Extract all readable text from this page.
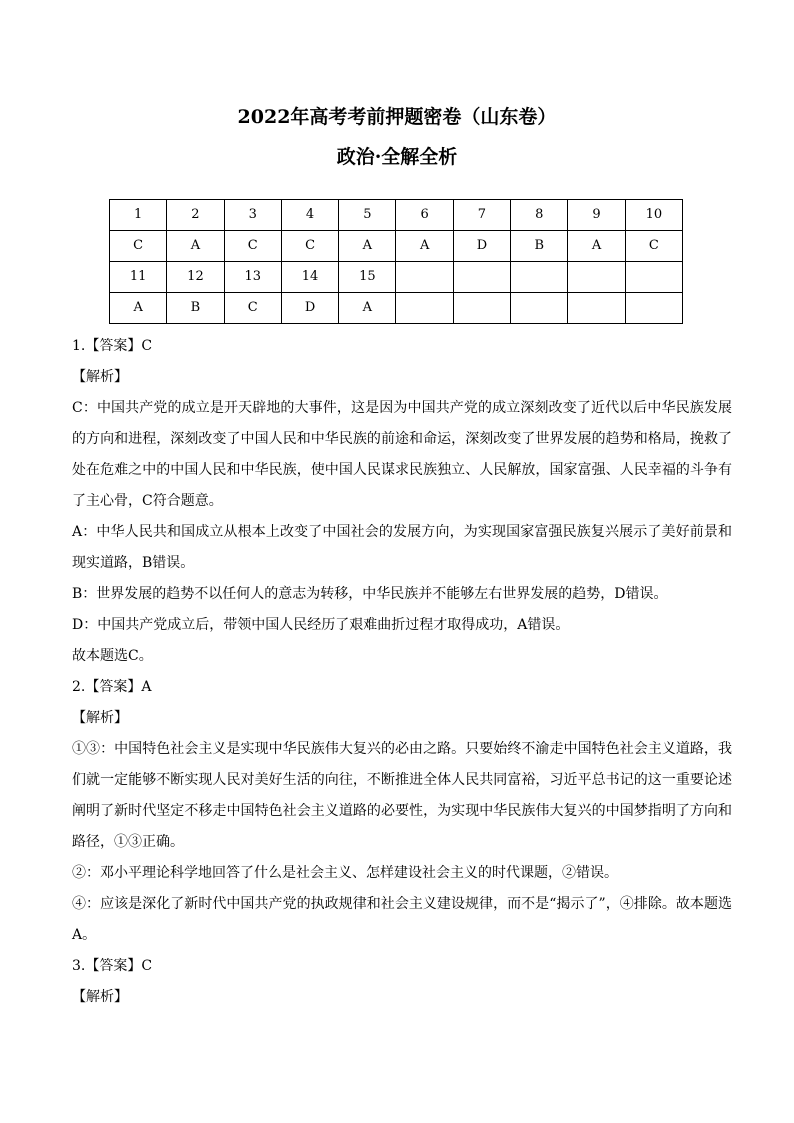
2022年高考考前押题密卷（山东卷）
政治·全解全析
1	2	3	4	5	6	7	8	9	10
C	A	C	C	A	A	D	B	A	C
11	12	13	14	15					
A	B	C	D	A					

1.【答案】C

【解析】

C：中国共产党的成立是开天辟地的大事件，这是因为中国共产党的成立深刻改变了近代以后中华民族发展的方向和进程，深刻改变了中国人民和中华民族的前途和命运，深刻改变了世界发展的趋势和格局，挽救了处在危难之中的中国人民和中华民族，使中国人民谋求民族独立、人民解放，国家富强、人民幸福的斗争有了主心骨，C符合题意。

A：中华人民共和国成立从根本上改变了中国社会的发展方向，为实现国家富强民族复兴展示了美好前景和现实道路，B错误。

B：世界发展的趋势不以任何人的意志为转移，中华民族并不能够左右世界发展的趋势，D错误。

D：中国共产党成立后，带领中国人民经历了艰难曲折过程才取得成功，A错误。

故本题选C。

2.【答案】A

【解析】

①③：中国特色社会主义是实现中华民族伟大复兴的必由之路。只要始终不渝走中国特色社会主义道路，我们就一定能够不断实现人民对美好生活的向往，不断推进全体人民共同富裕，习近平总书记的这一重要论述阐明了新时代坚定不移走中国特色社会主义道路的必要性，为实现中华民族伟大复兴的中国梦指明了方向和路径，①③正确。

②：邓小平理论科学地回答了什么是社会主义、怎样建设社会主义的时代课题，②错误。

④：应该是深化了新时代中国共产党的执政规律和社会主义建设规律，而不是“揭示了”，④排除。故本题选A。

3.【答案】C

【解析】
